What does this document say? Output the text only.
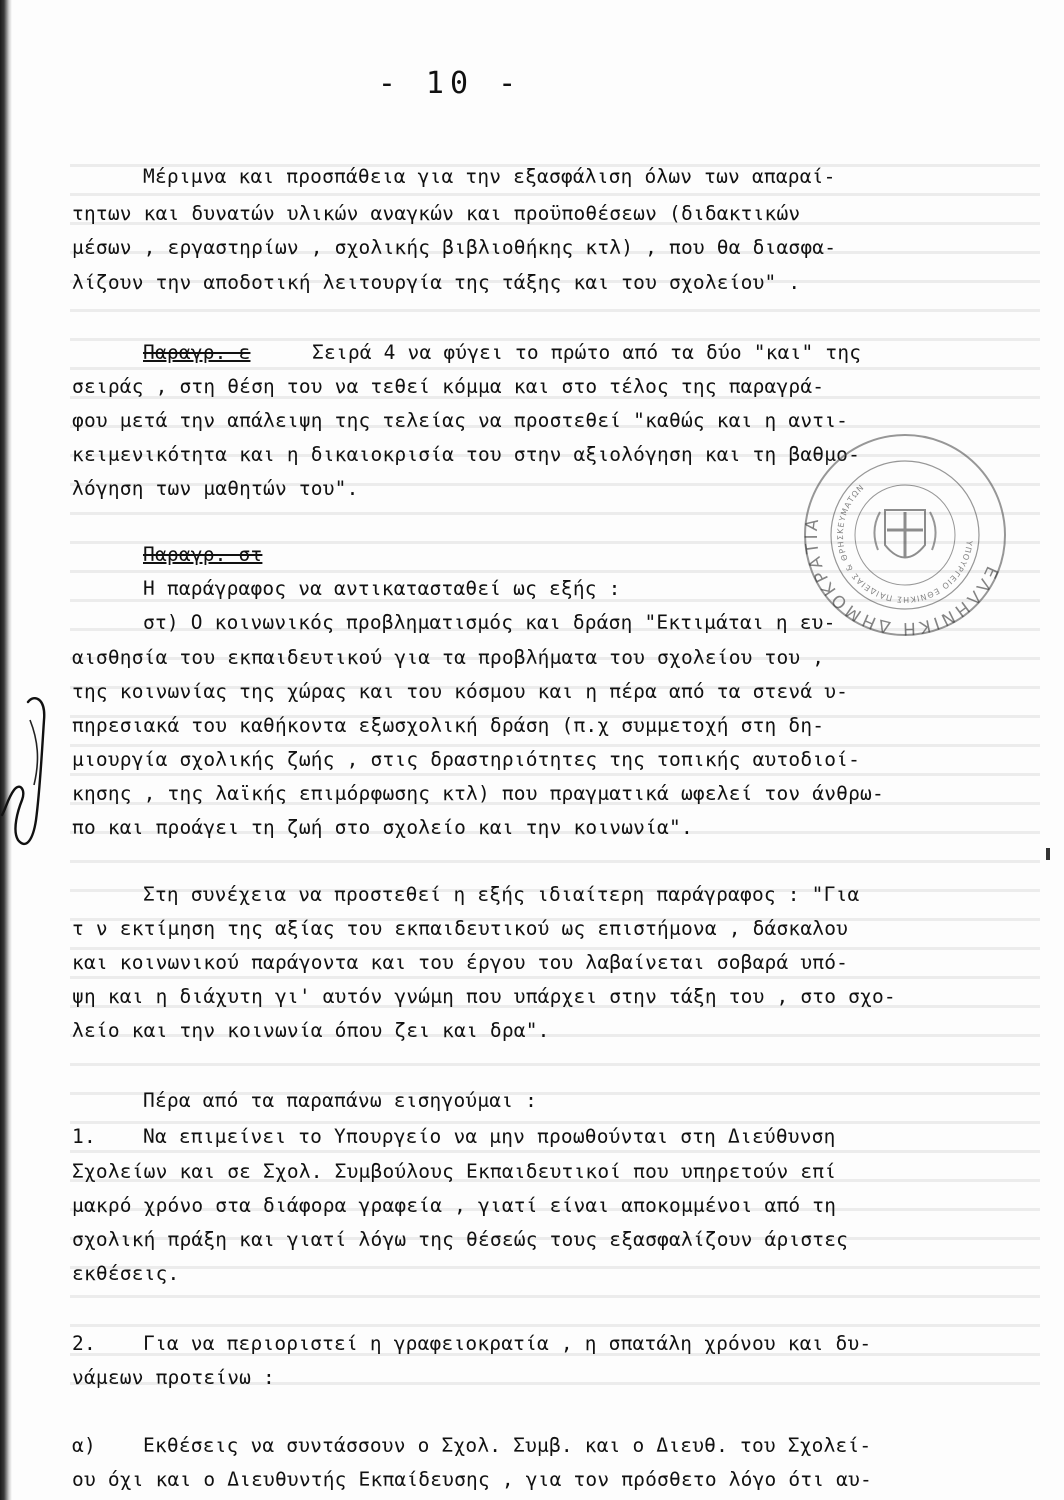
- 10 -
Μέριμνα και προσπάθεια για την εξασφάλιση όλων των απαραί-
τητων και δυνατών υλικών αναγκών και προϋποθέσεων (διδακτικών
μέσων , εργαστηρίων , σχολικής βιβλιοθήκης κτλ) , που θα διασφα-
λίζουν την αποδοτική λειτουργία της τάξης και του σχολείου" .
Παραγρ. ε	Σειρά 4 να φύγει το πρώτο από τα δύο "και" της
σειράς , στη θέση του να τεθεί κόμμα και στο τέλος της παραγρά-
φου μετά την απάλειψη της τελείας να προστεθεί "καθώς και η αντι-
κειμενικότητα και η δικαιοκρισία του στην αξιολόγηση και τη βαθμο-
λόγηση των μαθητών του".
Παραγρ. στ
Η παράγραφος να αντικατασταθεί ως εξής :
στ) Ο κοινωνικός προβληματισμός και δράση "Εκτιμάται η ευ-
αισθησία του εκπαιδευτικού για τα προβλήματα του σχολείου του ,
της κοινωνίας της χώρας και του κόσμου και η πέρα από τα στενά υ-
πηρεσιακά του καθήκοντα εξωσχολική δράση (π.χ συμμετοχή στη δη-
μιουργία σχολικής ζωής , στις δραστηριότητες της τοπικής αυτοδιοί-
κησης , της λαϊκής επιμόρφωσης κτλ) που πραγματικά ωφελεί τον άνθρω-
πο και προάγει τη ζωή στο σχολείο και την κοινωνία".
Στη συνέχεια να προστεθεί η εξής ιδιαίτερη παράγραφος : "Για
τ ν εκτίμηση της αξίας του εκπαιδευτικού ως επιστήμονα , δάσκαλου
και κοινωνικού παράγοντα και του έργου του λαβαίνεται σοβαρά υπό-
ψη και η διάχυτη γι' αυτόν γνώμη που υπάρχει στην τάξη του , στο σχο-
λείο και την κοινωνία όπου ζει και δρα".
Πέρα από τα παραπάνω εισηγούμαι :
1. Να επιμείνει το Υπουργείο να μην προωθούνται στη Διεύθυνση
Σχολείων και σε Σχολ. Συμβούλους Εκπαιδευτικοί που υπηρετούν επί
μακρό χρόνο στα διάφορα γραφεία , γιατί είναι αποκομμένοι από τη
σχολική πράξη και γιατί λόγω της θέσεώς τους εξασφαλίζουν άριστες
εκθέσεις.
2. Για να περιοριστεί η γραφειοκρατία , η σπατάλη χρόνου και δυ-
νάμεων προτείνω :
α) Εκθέσεις να συντάσσουν ο Σχολ. Συμβ. και ο Διευθ. του Σχολεί-
ου όχι και ο Διευθυντής Εκπαίδευσης , για τον πρόσθετο λόγο ότι αυ-
ΕΛΛΗΝΙΚΗ ΔΗΜΟΚΡΑΤΙΑ
ΥΠΟΥΡΓΕΙΟ ΕΘΝΙΚΗΣ ΠΑΙΔΕΙΑΣ & ΘΡΗΣΚΕΥΜΑΤΩΝ
